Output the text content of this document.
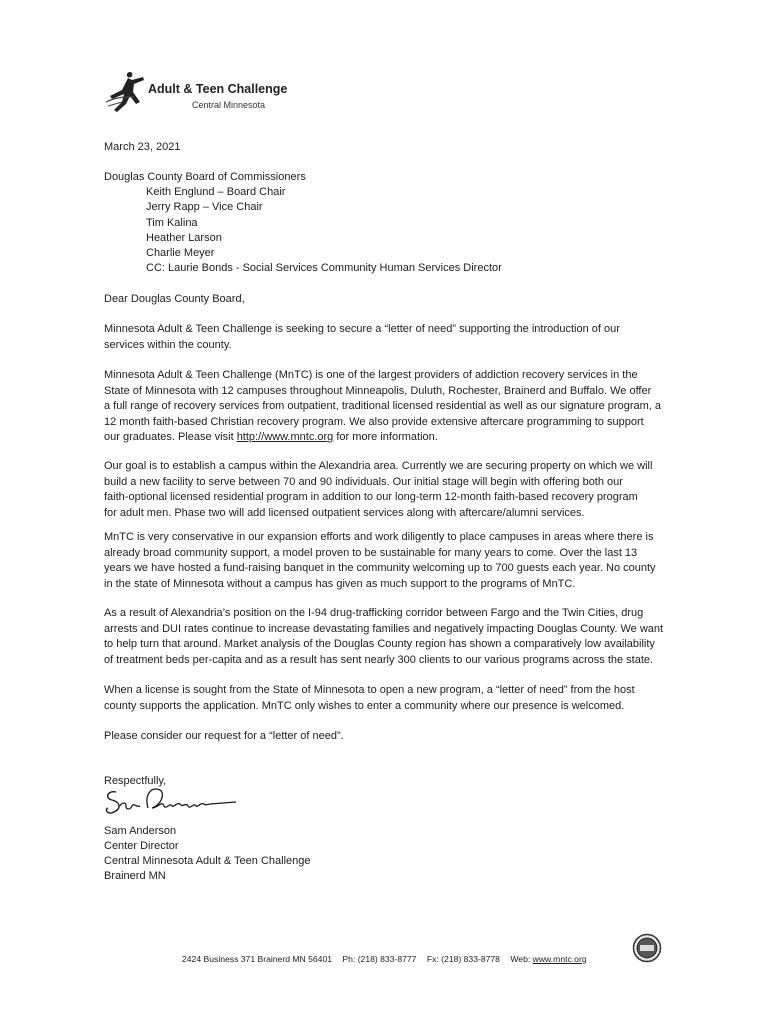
Adult & Teen Challenge
Central Minnesota
March 23, 2021
Douglas County Board of Commissioners
Keith Englund – Board Chair
Jerry Rapp – Vice Chair
Tim Kalina
Heather Larson
Charlie Meyer
CC: Laurie Bonds - Social Services Community Human Services Director
Dear Douglas County Board,
Minnesota Adult & Teen Challenge is seeking to secure a “letter of need” supporting the introduction of our
services within the county.
Minnesota Adult & Teen Challenge (MnTC) is one of the largest providers of addiction recovery services in the
State of Minnesota with 12 campuses throughout Minneapolis, Duluth, Rochester, Brainerd and Buffalo. We offer
a full range of recovery services from outpatient, traditional licensed residential as well as our signature program, a
12 month faith-based Christian recovery program. We also provide extensive aftercare programming to support
our graduates. Please visit http://www.mntc.org for more information.
Our goal is to establish a campus within the Alexandria area. Currently we are securing property on which we will
build a new facility to serve between 70 and 90 individuals. Our initial stage will begin with offering both our
faith-optional licensed residential program in addition to our long-term 12-month faith-based recovery program
for adult men. Phase two will add licensed outpatient services along with aftercare/alumni services.
MnTC is very conservative in our expansion efforts and work diligently to place campuses in areas where there is
already broad community support, a model proven to be sustainable for many years to come. Over the last 13
years we have hosted a fund-raising banquet in the community welcoming up to 700 guests each year. No county
in the state of Minnesota without a campus has given as much support to the programs of MnTC.
As a result of Alexandria’s position on the I-94 drug-trafficking corridor between Fargo and the Twin Cities, drug
arrests and DUI rates continue to increase devastating families and negatively impacting Douglas County. We want
to help turn that around. Market analysis of the Douglas County region has shown a comparatively low availability
of treatment beds per-capita and as a result has sent nearly 300 clients to our various programs across the state.
When a license is sought from the State of Minnesota to open a new program, a “letter of need” from the host
county supports the application. MnTC only wishes to enter a community where our presence is welcomed.
Please consider our request for a “letter of need”.
Respectfully,
Sam Anderson
Center Director
Central Minnesota Adult & Teen Challenge
Brainerd MN
2424 Business 371 Brainerd MN 56401 Ph: (218) 833-8777 Fx: (218) 833-8778 Web: www.mntc.org
